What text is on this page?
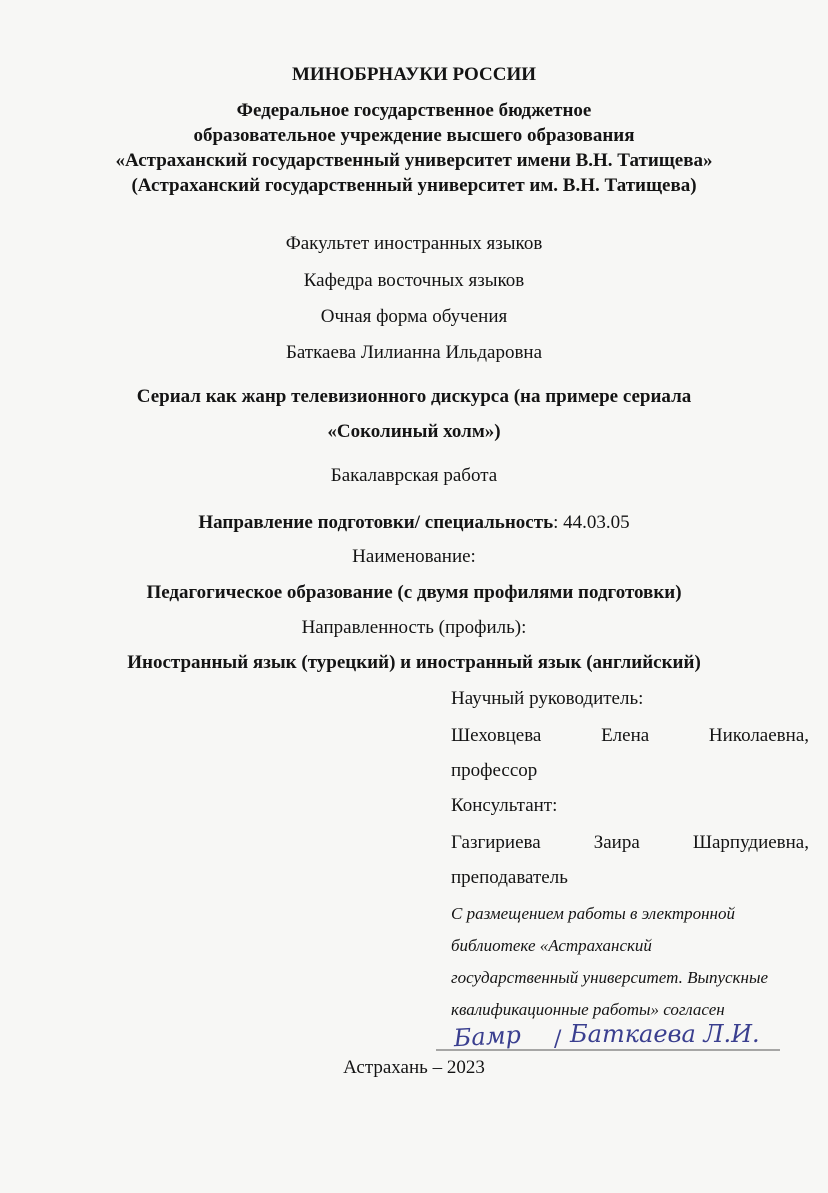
МИНОБРНАУКИ РОССИИ
Федеральное государственное бюджетное
образовательное учреждение высшего образования
«Астраханский государственный университет имени В.Н. Татищева»
(Астраханский государственный университет им. В.Н. Татищева)
Факультет иностранных языков
Кафедра восточных языков
Очная форма обучения
Баткаева Лилианна Ильдаровна
Сериал как жанр телевизионного дискурса (на примере сериала
«Соколиный холм»)
Бакалаврская работа
Направление подготовки/ специальность: 44.03.05
Наименование:
Педагогическое образование (с двумя профилями подготовки)
Направленность (профиль):
Иностранный язык (турецкий) и иностранный язык (английский)
Научный руководитель:
Шеховцева	Елена	Николаевна,
профессор
Консультант:
Газгириева	Заира	Шарпудиевна,
преподаватель
С размещением работы в электронной
библиотеке «Астраханский
государственный университет. Выпускные
квалификационные работы» согласен
Бамр / Баткаева Л.И.
Астрахань – 2023
